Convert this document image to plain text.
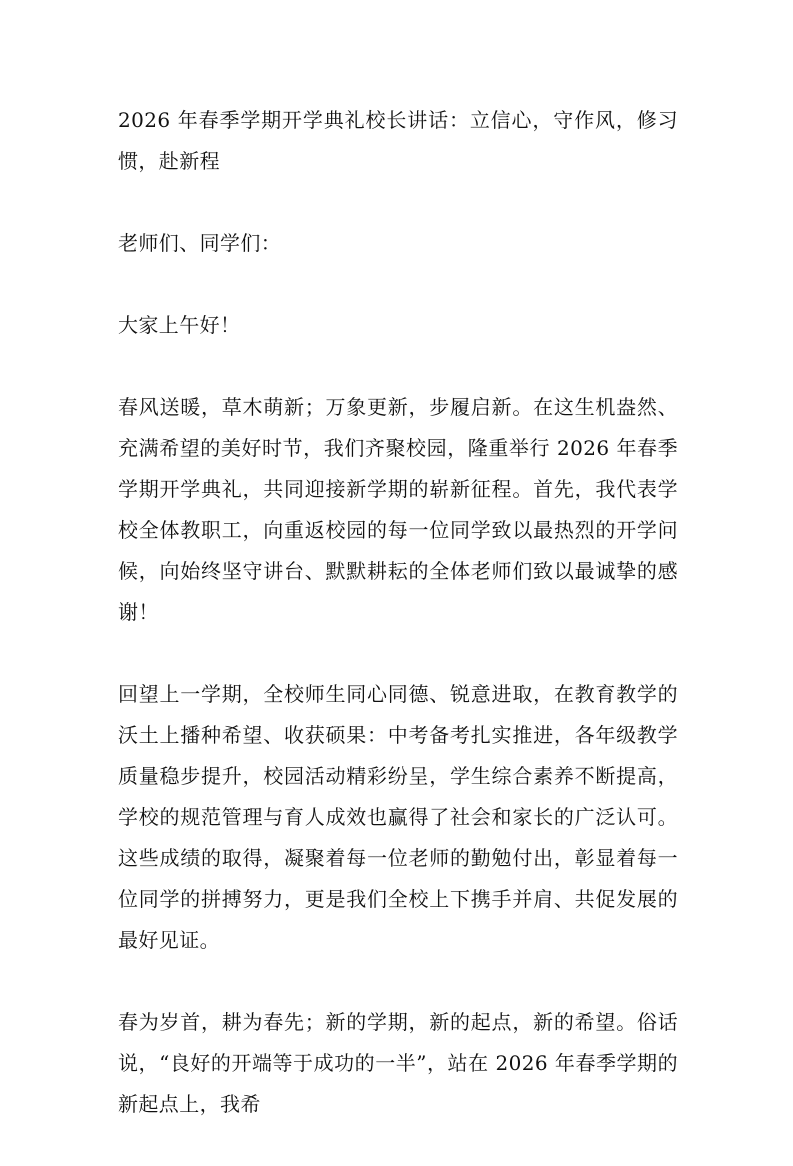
2026 年春季学期开学典礼校长讲话：立信心，守作风，修习惯，赴新程

老师们、同学们：

大家上午好！

春风送暖，草木萌新；万象更新，步履启新。在这生机盎然、充满希望的美好时节，我们齐聚校园，隆重举行 2026 年春季学期开学典礼，共同迎接新学期的崭新征程。首先，我代表学校全体教职工，向重返校园的每一位同学致以最热烈的开学问候，向始终坚守讲台、默默耕耘的全体老师们致以最诚挚的感谢！

回望上一学期，全校师生同心同德、锐意进取，在教育教学的沃土上播种希望、收获硕果：中考备考扎实推进，各年级教学质量稳步提升，校园活动精彩纷呈，学生综合素养不断提高，学校的规范管理与育人成效也赢得了社会和家长的广泛认可。这些成绩的取得，凝聚着每一位老师的勤勉付出，彰显着每一位同学的拼搏努力，更是我们全校上下携手并肩、共促发展的最好见证。

春为岁首，耕为春先；新的学期，新的起点，新的希望。俗话说，“良好的开端等于成功的一半”，站在 2026 年春季学期的新起点上，我希
